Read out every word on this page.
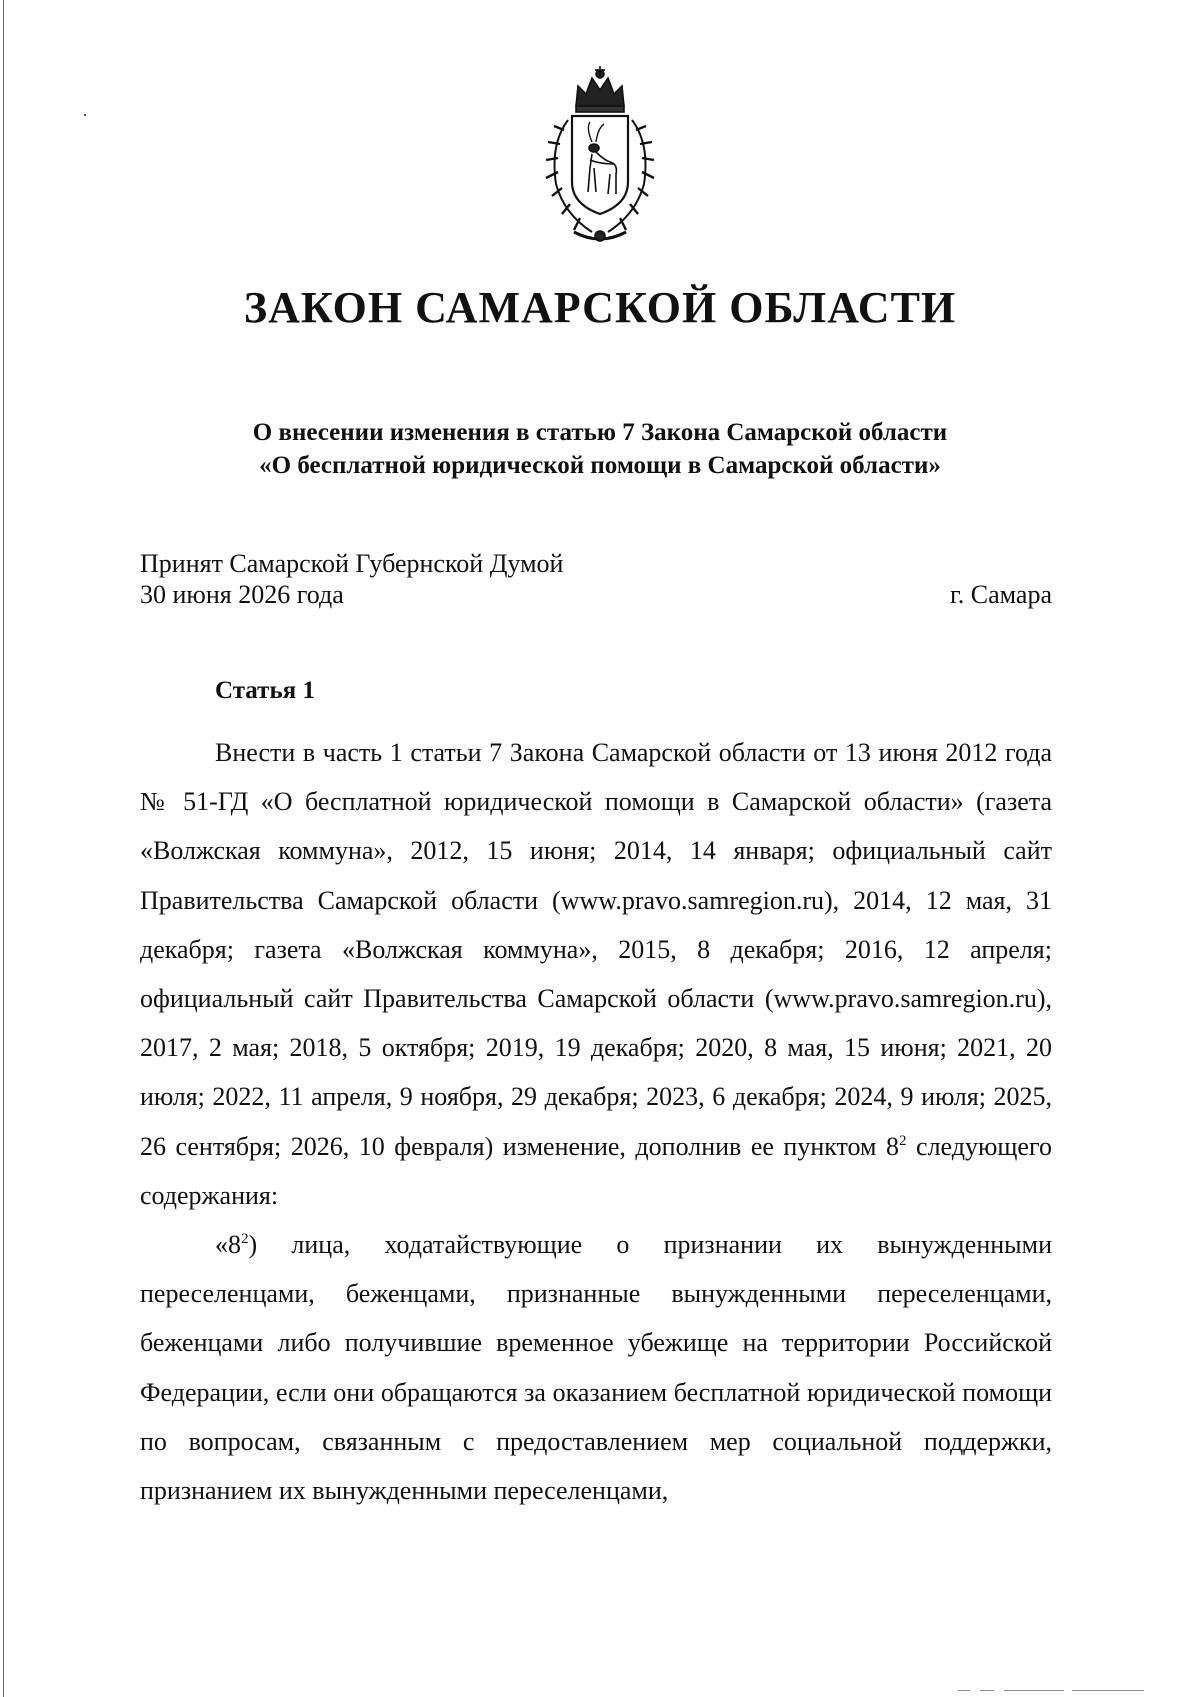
ЗАКОН САМАРСКОЙ ОБЛАСТИ
О внесении изменения в статью 7 Закона Самарской области
«О бесплатной юридической помощи в Самарской области»
Принят Самарской Губернской Думой
30 июня 2026 года	г. Самара
Статья 1

Внести в часть 1 статьи 7 Закона Самарской области от 13 июня 2012 года № 51-ГД «О бесплатной юридической помощи в Самарской области» (газета «Волжская коммуна», 2012, 15 июня; 2014, 14 января; официальный сайт Правительства Самарской области (www.pravo.samregion.ru), 2014, 12 мая, 31 декабря; газета «Волжская коммуна», 2015, 8 декабря; 2016, 12 апреля; официальный сайт Правительства Самарской области (www.pravo.samregion.ru), 2017, 2 мая; 2018, 5 октября; 2019, 19 декабря; 2020, 8 мая, 15 июня; 2021, 20 июля; 2022, 11 апреля, 9 ноября, 29 декабря; 2023, 6 декабря; 2024, 9 июля; 2025, 26 сентября; 2026, 10 февраля) изменение, дополнив ее пунктом $8^2$ следующего содержания:

«$8^2$) лица, ходатайствующие о признании их вынужденными переселенцами, беженцами, признанные вынужденными переселенцами, беженцами либо получившие временное убежище на территории Российской Федерации, если они обращаются за оказанием бесплатной юридической помощи по вопросам, связанным с предоставлением мер социальной поддержки, признанием их вынужденными переселенцами,
